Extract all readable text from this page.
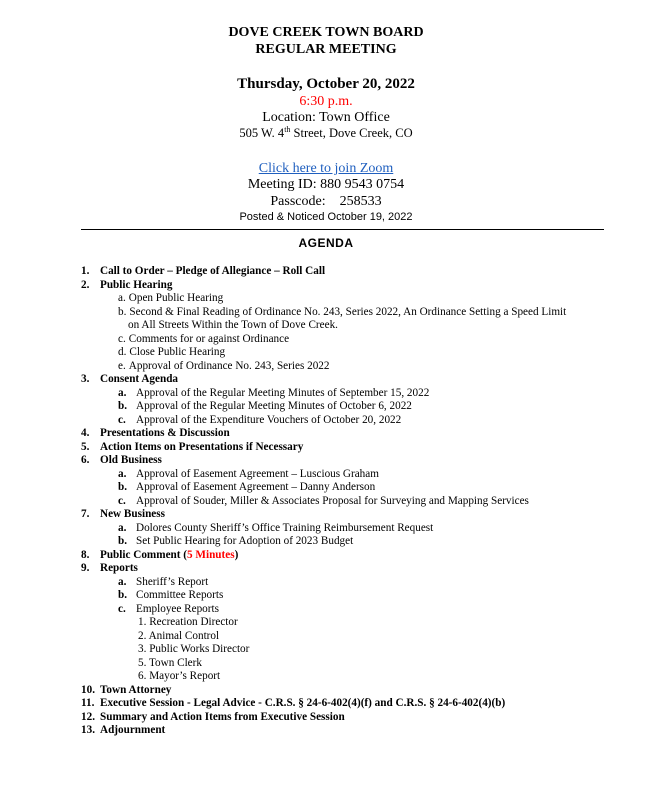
DOVE CREEK TOWN BOARD
REGULAR MEETING
Thursday, October 20, 2022
6:30 p.m.
Location: Town Office
505 W. 4th Street, Dove Creek, CO
Click here to join Zoom
Meeting ID: 880 9543 0754
Passcode:    258533
Posted & Noticed October 19, 2022
AGENDA
1. Call to Order – Pledge of Allegiance – Roll Call
2. Public Hearing
a. Open Public Hearing
b. Second & Final Reading of Ordinance No. 243, Series 2022, An Ordinance Setting a Speed Limit
on All Streets Within the Town of Dove Creek.
c. Comments for or against Ordinance
d. Close Public Hearing
e. Approval of Ordinance No. 243, Series 2022
3. Consent Agenda
a. Approval of the Regular Meeting Minutes of September 15, 2022
b. Approval of the Regular Meeting Minutes of October 6, 2022
c. Approval of the Expenditure Vouchers of October 20, 2022
4. Presentations & Discussion
5. Action Items on Presentations if Necessary
6. Old Business
a. Approval of Easement Agreement – Luscious Graham
b. Approval of Easement Agreement – Danny Anderson
c. Approval of Souder, Miller & Associates Proposal for Surveying and Mapping Services
7. New Business
a. Dolores County Sheriff’s Office Training Reimbursement Request
b. Set Public Hearing for Adoption of 2023 Budget
8. Public Comment (5 Minutes)
9. Reports
a. Sheriff’s Report
b. Committee Reports
c. Employee Reports
1. Recreation Director
2. Animal Control
3. Public Works Director
5. Town Clerk
6. Mayor’s Report
10. Town Attorney
11. Executive Session - Legal Advice - C.R.S. § 24-6-402(4)(f) and C.R.S. § 24-6-402(4)(b)
12. Summary and Action Items from Executive Session
13. Adjournment
